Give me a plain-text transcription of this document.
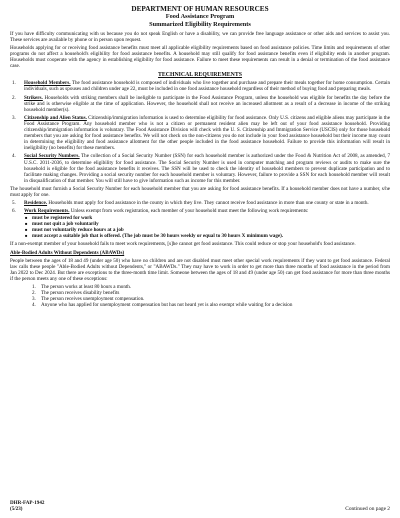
DEPARTMENT OF HUMAN RESOURCES
Food Assistance Program
Summarized Eligibility Requirements

If you have difficulty communicating with us because you do not speak English or have a disability, we can provide free language assistance or other aids and services to assist you. These services are available by phone or in person upon request.

Households applying for or receiving food assistance benefits must meet all applicable eligibility requirements based on food assistance policies. Time limits and requirements of other programs do not affect a household's eligibility for food assistance benefits. A household may still qualify for food assistance benefits even if eligibility ends in another program. Households must cooperate with the agency in establishing eligibility for food assistance. Failure to meet these requirements can result in a denial or termination of the food assistance case.

TECHNICAL REQUIREMENTS
1.	Household Members. The food assistance household is composed of individuals who live together and purchase and prepare their meals together for home consumption. Certain individuals, such as spouses and children under age 22, must be included in one food assistance household regardless of their method of buying food and preparing meals.
2.	Strikers. Households with striking members shall be ineligible to participate in the Food Assistance Program, unless the household was eligible for benefits the day before the strike and is otherwise eligible at the time of application. However, the household shall not receive an increased allotment as a result of a decrease in income of the striking household member(s).
3.	Citizenship and Alien Status. Citizenship/immigration information is used to determine eligibility for food assistance. Only U.S. citizens and eligible aliens may participate in the Food Assistance Program. Any household member who is not a citizen or permanent resident alien may be left out of your food assistance household. Providing citizenship/immigration information is voluntary. The Food Assistance Division will check with the U. S. Citizenship and Immigration Service (USCIS) only for those household members that you are asking for food assistance benefits. We will not check on the non-citizens you do not include in your food assistance household but their income may count in determining the eligibility and food assistance allotment for the other people included in the food assistance household. Failure to provide this information will result in ineligibility (no benefits) for these members.
4.	Social Security Numbers. The collection of a Social Security Number (SSN) for each household member is authorized under the Food & Nutrition Act of 2008, as amended, 7 U.S.C. 2011-2036, to determine eligibility for food assistance. The Social Security Number is used in computer matching and program reviews or audits to make sure the household is eligible for the food assistance benefits it receives. The SSN will be used to check the identity of household members to prevent duplicate participation and to facilitate making changes. Providing a social security number for each household member is voluntary. However, failure to provide a SSN for each household member will result in disqualification of that member. You will still have to give information such as income for this member.

The household must furnish a Social Security Number for each household member that you are asking for food assistance benefits. If a household member does not have a number, s/he must apply for one.

5.	Residence. Households must apply for food assistance in the county in which they live. They cannot receive food assistance in more than one county or state in a month.
6.	Work Requirements. Unless exempt from work registration, each member of your household must meet the following work requirements:
■ must be registered for work
■ must not quit a job voluntarily
■ must not voluntarily reduce hours at a job
■ must accept a suitable job that is offered. (The job must be 30 hours weekly or equal to 30 hours X minimum wage).

If a non-exempt member of your household fails to meet work requirements, [s]he cannot get food assistance. This could reduce or stop your household's food assistance.

Able-Bodied Adults Without Dependents (ABAWDs)

People between the ages of 18 and 49 (under age 50) who have no children and are not disabled must meet other special work requirements if they want to get food assistance. Federal law calls these people "Able-Bodied Adults without Dependents," or "ABAWDs." They may have to work in order to get more than three months of food assistance in the period from Jan 2022 to Dec 2024. But there are exceptions to the three-month time limit. Someone between the ages of 18 and 49 (under age 50) can get food assistance for more than three months if the person meets any one of these exceptions:

1.	The person works at least 80 hours a month.
2.	The person receives disability benefits
3.	The person receives unemployment compensation.
4.	Anyone who has applied for unemployment compensation but has not heard yet is also exempt while waiting for a decision
DHR-FAP-1942
(5/23)	Continued on page 2
